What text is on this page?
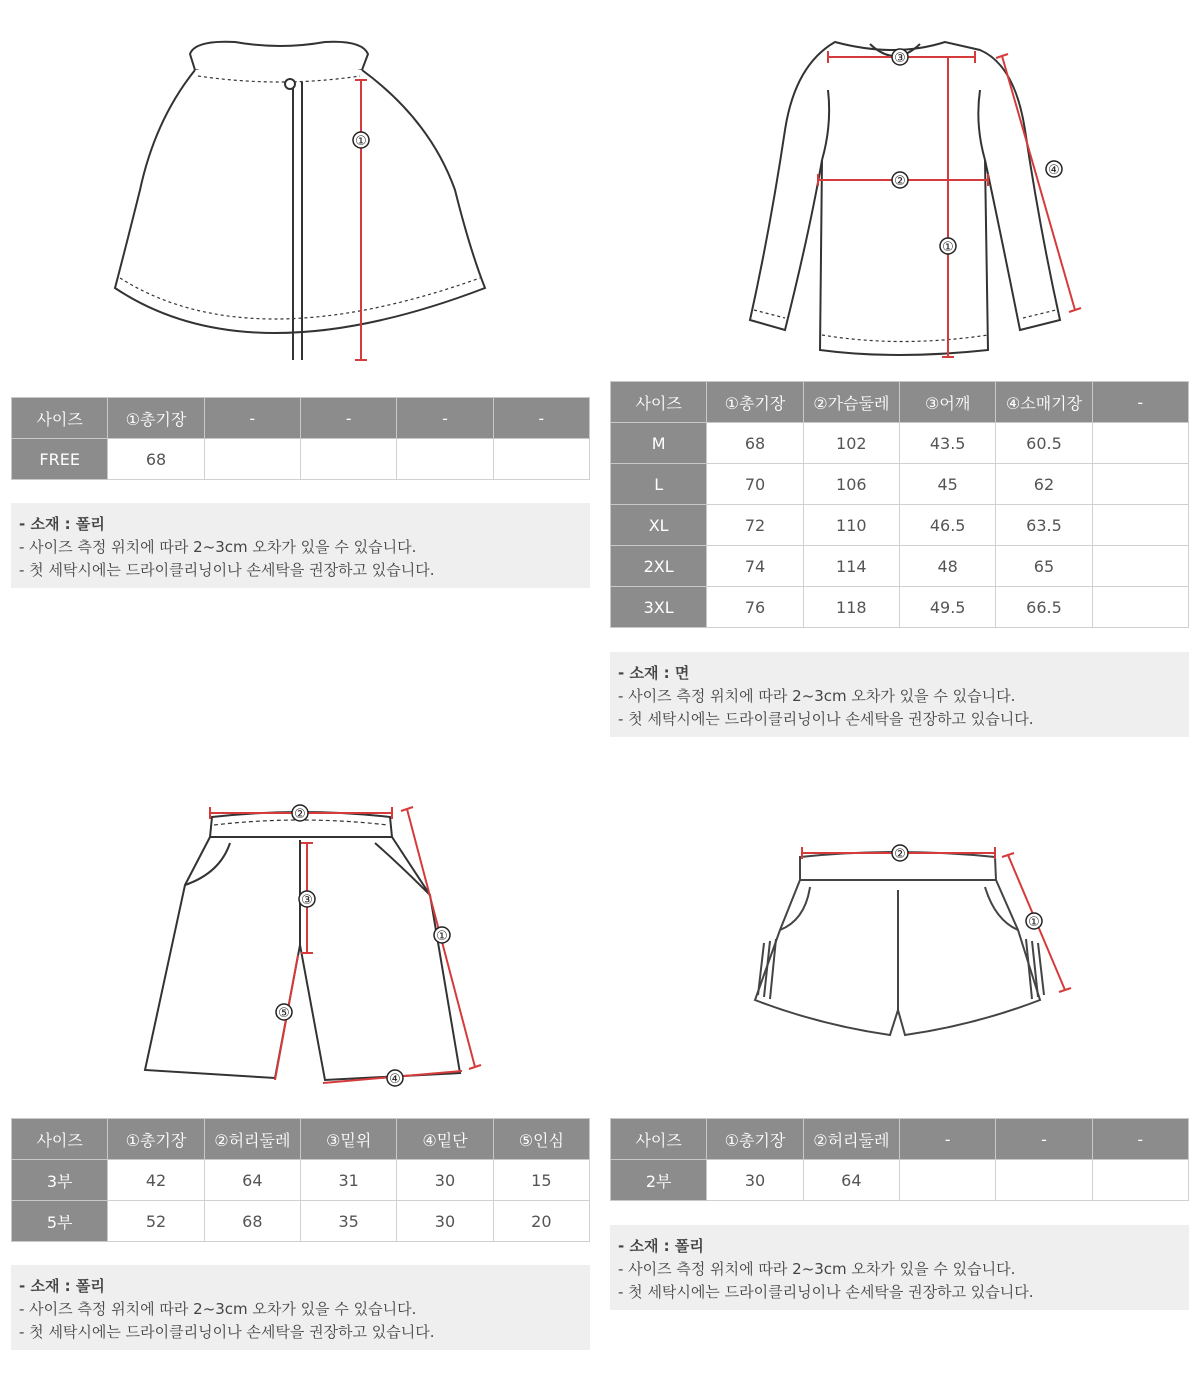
①
③
②
①
④
②
①
③
④
⑤
②
①
사이즈	①총기장	-	-	-	-
FREE	68				
- 소재 : 폴리
- 사이즈 측정 위치에 따라 2~3cm 오차가 있을 수 있습니다.
- 첫 세탁시에는 드라이클리닝이나 손세탁을 권장하고 있습니다.
사이즈	①총기장	②가슴둘레	③어깨	④소매기장	-
M	68	102	43.5	60.5	
L	70	106	45	62	
XL	72	110	46.5	63.5	
2XL	74	114	48	65	
3XL	76	118	49.5	66.5	
- 소재 : 면
- 사이즈 측정 위치에 따라 2~3cm 오차가 있을 수 있습니다.
- 첫 세탁시에는 드라이클리닝이나 손세탁을 권장하고 있습니다.
사이즈	①총기장	②허리둘레	③밑위	④밑단	⑤인심
3부	42	64	31	30	15
5부	52	68	35	30	20
- 소재 : 폴리
- 사이즈 측정 위치에 따라 2~3cm 오차가 있을 수 있습니다.
- 첫 세탁시에는 드라이클리닝이나 손세탁을 권장하고 있습니다.
사이즈	①총기장	②허리둘레	-	-	-
2부	30	64			
- 소재 : 폴리
- 사이즈 측정 위치에 따라 2~3cm 오차가 있을 수 있습니다.
- 첫 세탁시에는 드라이클리닝이나 손세탁을 권장하고 있습니다.
